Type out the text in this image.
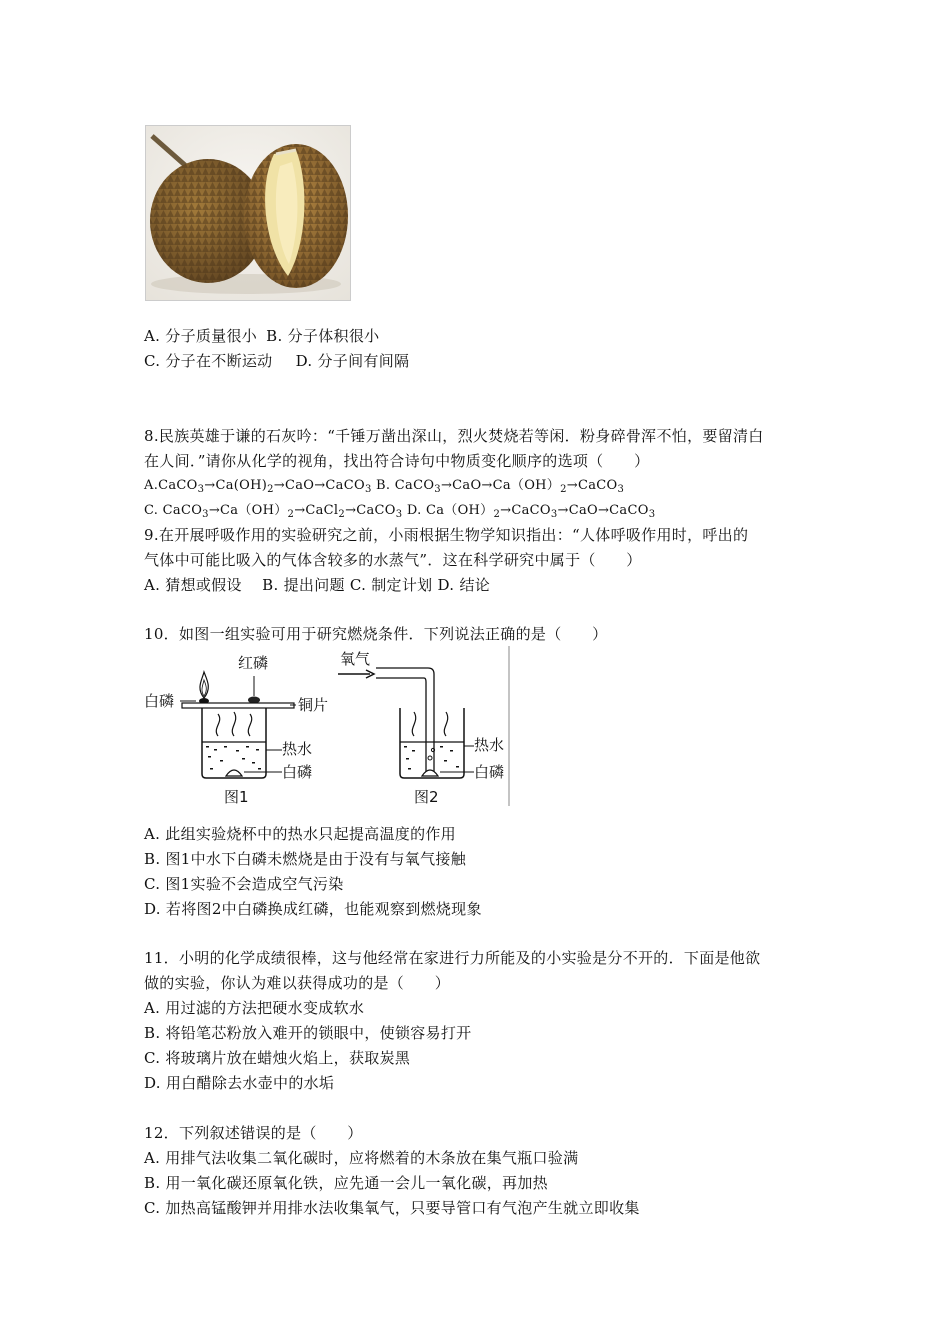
A. 分子质量很小 B. 分子体积很小
C. 分子在不断运动 D. 分子间有间隔
8.民族英雄于谦的石灰吟：“千锤万凿出深山，烈火焚烧若等闲．粉身碎骨浑不怕，要留清白
在人间．”请你从化学的视角，找出符合诗句中物质变化顺序的选项（　　）
$A.CaCO_3\to Ca(OH)_2\to CaO\to CaCO_3$ B. $CaCO_3\to CaO\to Ca(OH)_2\to CaCO_3$
C. $CaCO_3\to Ca(OH)_2\to CaCl_2\to CaCO_3$ D. $Ca(OH)_2\to CaCO_3\to CaO\to CaCO_3$
9.在开展呼吸作用的实验研究之前，小雨根据生物学知识指出：“人体呼吸作用时，呼出的
气体中可能比吸入的气体含较多的水蒸气”．这在科学研究中属于（　　）
A. 猜想或假设　 B. 提出问题 C. 制定计划 D. 结论
10．如图一组实验可用于研究燃烧条件．下列说法正确的是（　　）
白磷
红磷
铜片
热水
白磷
图1
氧气
热水
白磷
图2
A. 此组实验烧杯中的热水只起提高温度的作用
B. 图1中水下白磷未燃烧是由于没有与氧气接触
C. 图1实验不会造成空气污染
D. 若将图2中白磷换成红磷，也能观察到燃烧现象
11．小明的化学成绩很棒，这与他经常在家进行力所能及的小实验是分不开的．下面是他欲
做的实验，你认为难以获得成功的是（　　）
A. 用过滤的方法把硬水变成软水
B. 将铅笔芯粉放入难开的锁眼中，使锁容易打开
C. 将玻璃片放在蜡烛火焰上，获取炭黑
D. 用白醋除去水壶中的水垢
12．下列叙述错误的是（　　）
A. 用排气法收集二氧化碳时，应将燃着的木条放在集气瓶口验满
B. 用一氧化碳还原氧化铁，应先通一会儿一氧化碳，再加热
C. 加热高锰酸钾并用排水法收集氧气，只要导管口有气泡产生就立即收集
